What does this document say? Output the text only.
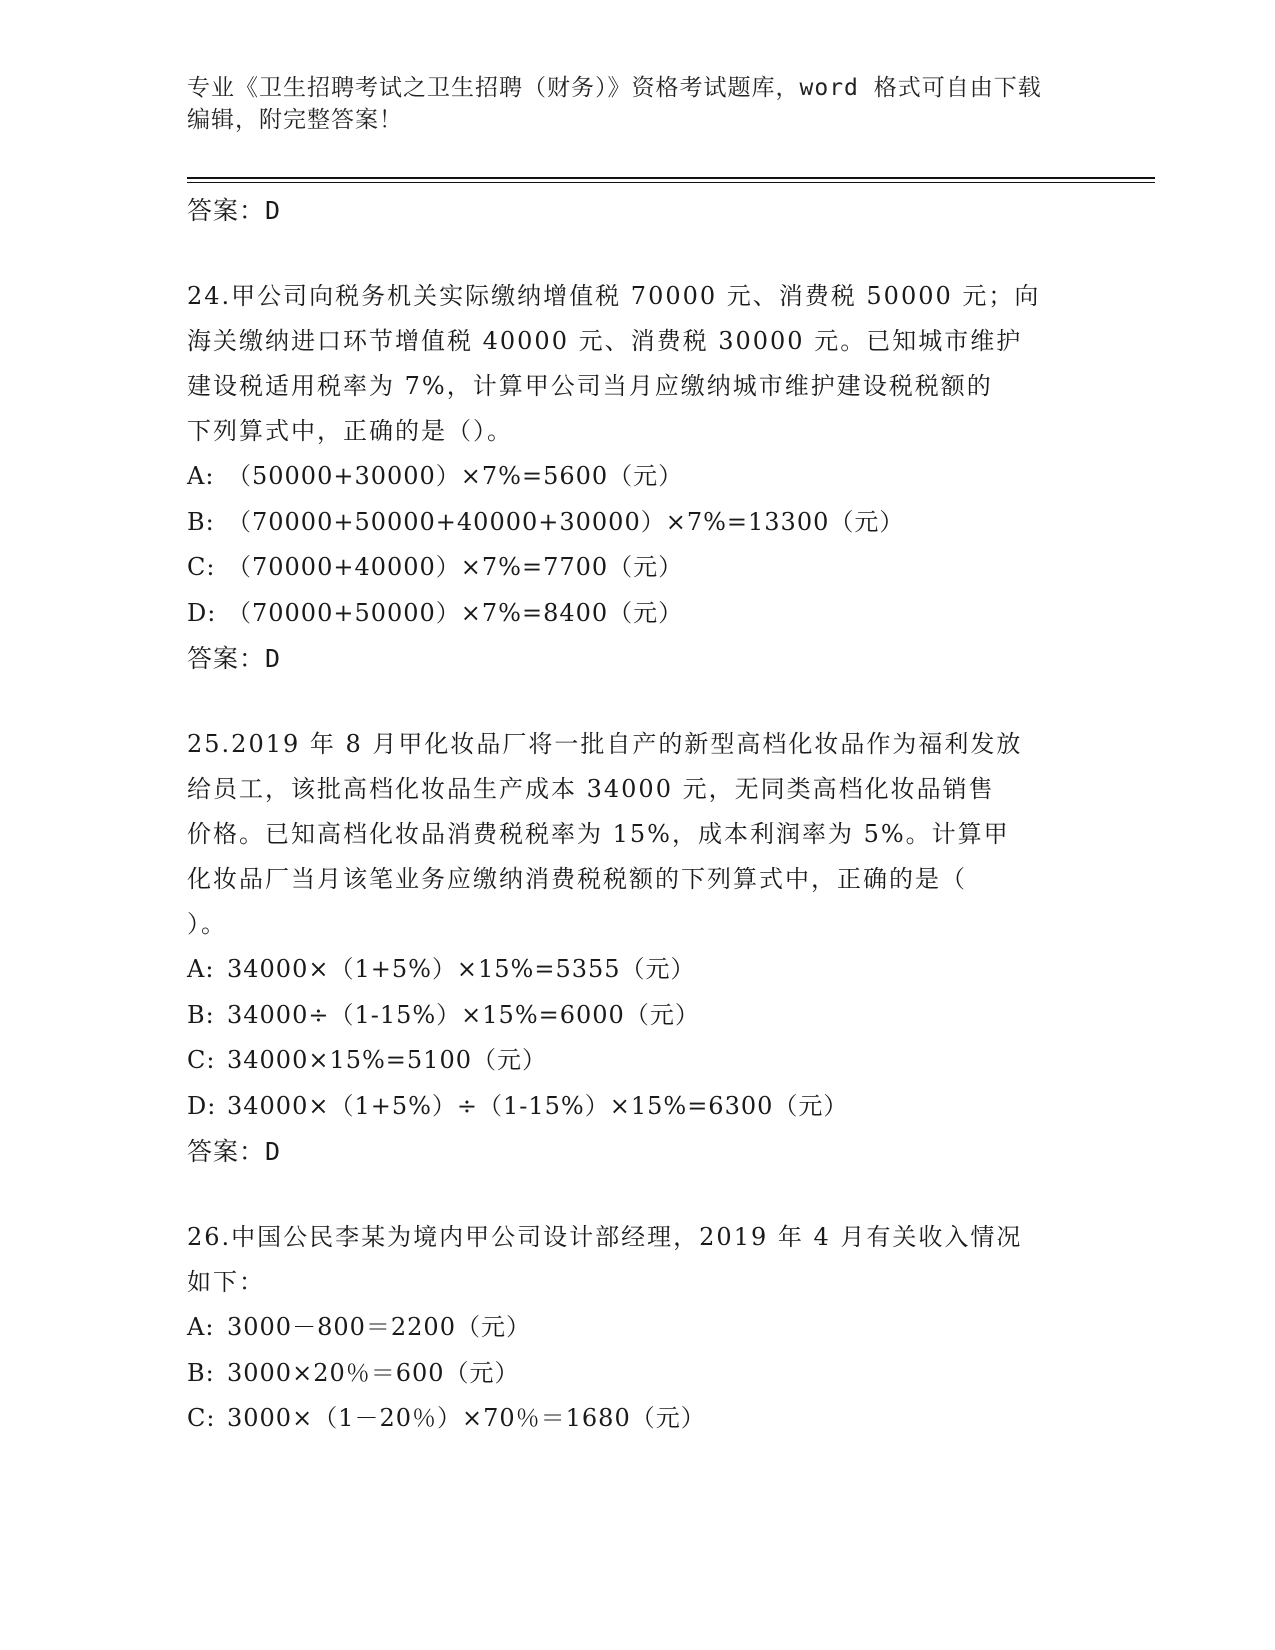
专业《卫生招聘考试之卫生招聘（财务）》资格考试题库，word 格式可自由下载
编辑，附完整答案！
答案：D
24.甲公司向税务机关实际缴纳增值税 70000 元、消费税 50000 元；向
海关缴纳进口环节增值税 40000 元、消费税 30000 元。已知城市维护
建设税适用税率为 7%，计算甲公司当月应缴纳城市维护建设税税额的
下列算式中，正确的是（）。
A: （50000+30000）×7%=5600（元）
B: （70000+50000+40000+30000）×7%=13300（元）
C: （70000+40000）×7%=7700（元）
D: （70000+50000）×7%=8400（元）
答案：D
25.2019 年 8 月甲化妆品厂将一批自产的新型高档化妆品作为福利发放
给员工，该批高档化妆品生产成本 34000 元，无同类高档化妆品销售
价格。已知高档化妆品消费税税率为 15%，成本利润率为 5%。计算甲
化妆品厂当月该笔业务应缴纳消费税税额的下列算式中，正确的是（
）。
A: 34000×（1+5%）×15%=5355（元）
B: 34000÷（1-15%）×15%=6000（元）
C: 34000×15%=5100（元）
D: 34000×（1+5%）÷（1-15%）×15%=6300（元）
答案：D
26.中国公民李某为境内甲公司设计部经理，2019 年 4 月有关收入情况
如下：
A: 3000－800＝2200（元）
B: 3000×20％＝600（元）
C: 3000×（1－20％）×70％＝1680（元）
